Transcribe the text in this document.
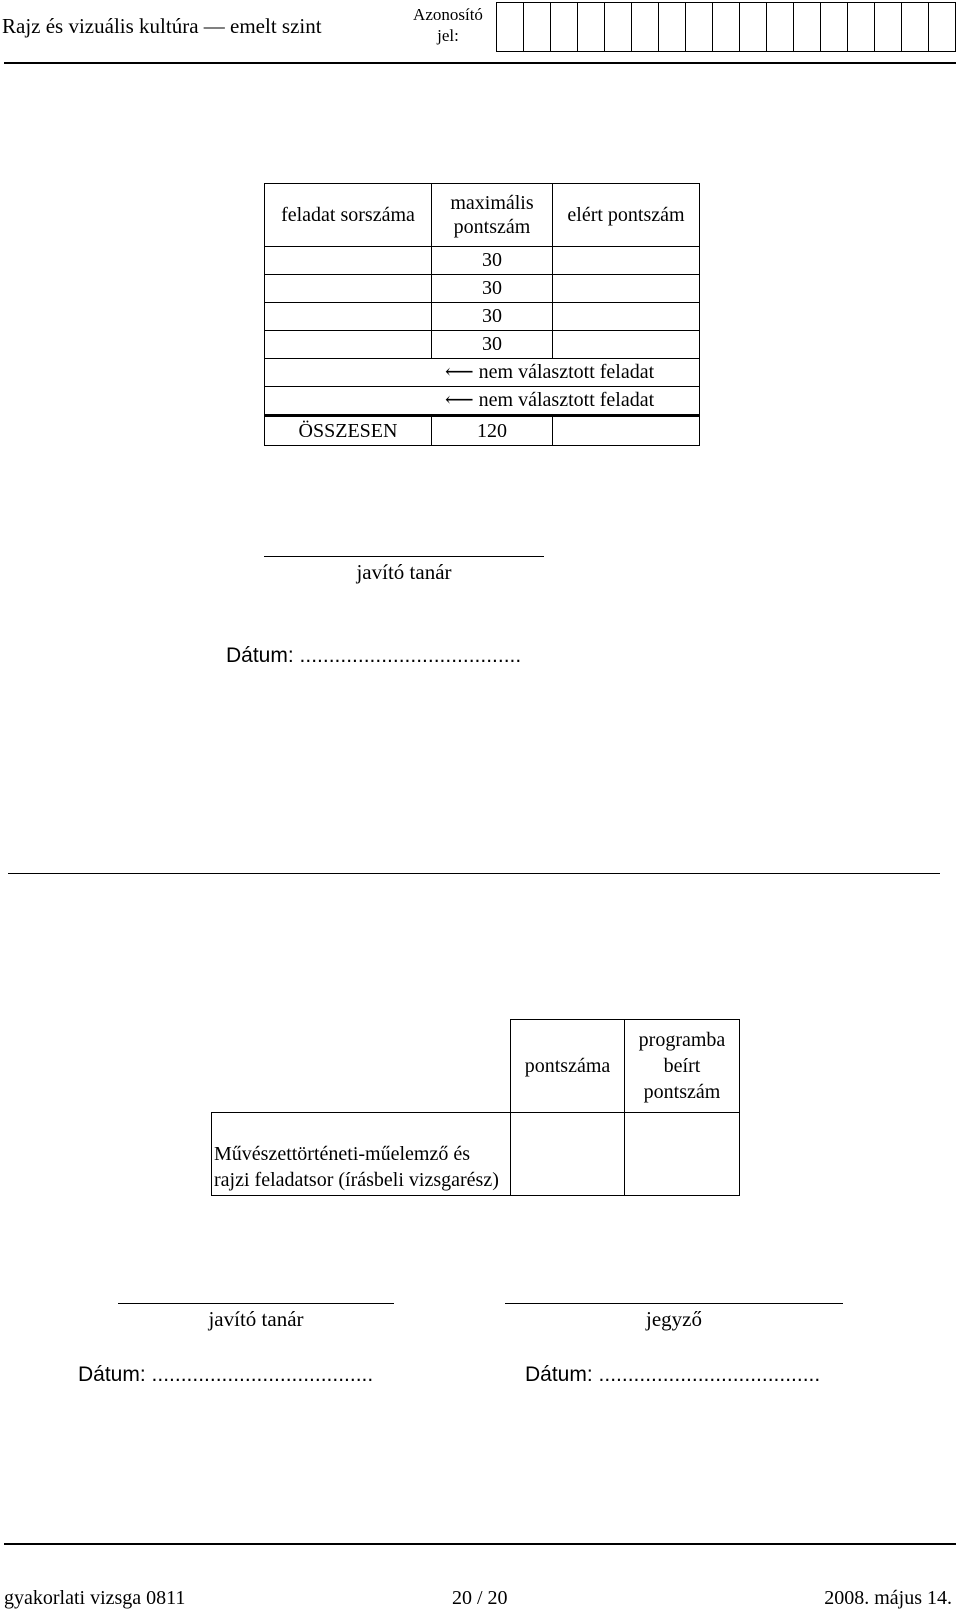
Rajz és vizuális kultúra — emelt szint	Azonosító jel:
feladat sorszáma	maximális pontszám	elért pontszám
	30	
	30	
	30	
	30	
⟵ nem választott feladat		
⟵ nem választott feladat		
ÖSSZESEN	120	
javító tanár
Dátum: ......................................
	pontszáma	programba beírt pontszám
Művészettörténeti-műelemző és rajzi feladatsor (írásbeli vizsgarész)		
javító tanár	jegyző
Dátum: ......................................	Dátum: ......................................
gyakorlati vizsga 0811	20 / 20	2008. május 14.
